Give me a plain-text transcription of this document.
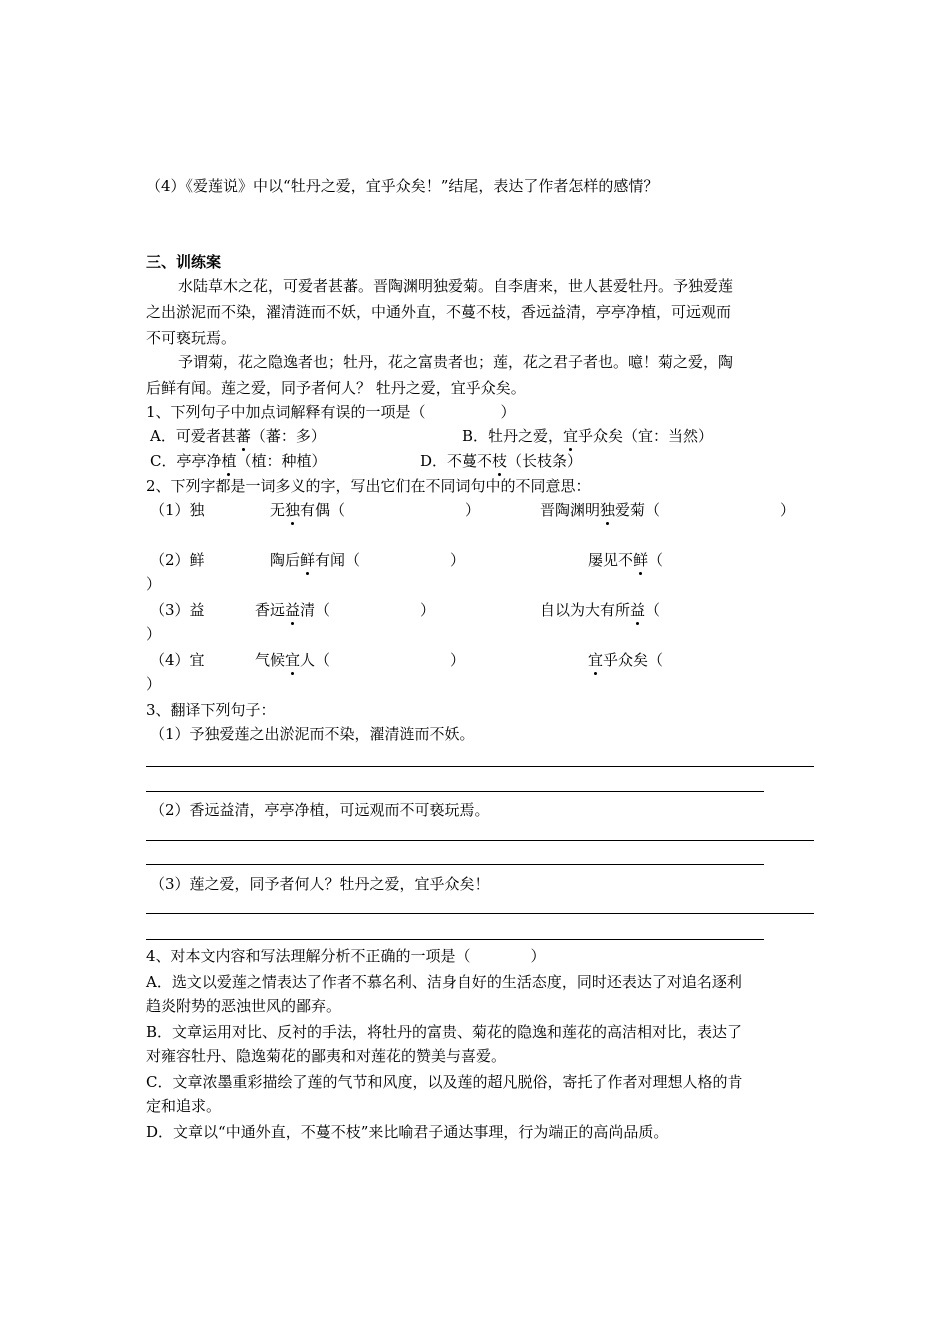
（4）《爱莲说》中以“牡丹之爱，宜乎众矣！”结尾，表达了作者怎样的感情？
三、训练案
水陆草木之花，可爱者甚蕃。晋陶渊明独爱菊。自李唐来，世人甚爱牡丹。予独爱莲
之出淤泥而不染，濯清涟而不妖，中通外直，不蔓不枝，香远益清，亭亭净植，可远观而
不可亵玩焉。
予谓菊，花之隐逸者也；牡丹，花之富贵者也；莲，花之君子者也。噫！菊之爱，陶
后鲜有闻。莲之爱，同予者何人？ 牡丹之爱，宜乎众矣。
1、下列句子中加点词解释有误的一项是（　　　　　）
A．可爱者甚蕃（蕃：多）	B．牡丹之爱，宜乎众矣（宜：当然）
C．亭亭净植（植：种植）	D．不蔓不枝（长枝条）
2、下列字都是一词多义的字，写出它们在不同词句中的不同意思：
（1）独	无独有偶（　　　　　　　　）	晋陶渊明独爱菊（　　　　　　　　）
（2）鲜	陶后鲜有闻（　　　　　　）	屡见不鲜（
）
（3）益	香远益清（　　　　　　）	自以为大有所益（
）
（4）宜	气候宜人（　　　　　　　　）	宜乎众矣（
）
3、翻译下列句子：
（1）予独爱莲之出淤泥而不染，濯清涟而不妖。
（2）香远益清，亭亭净植，可远观而不可亵玩焉。
（3）莲之爱，同予者何人？牡丹之爱，宜乎众矣！
4、对本文内容和写法理解分析不正确的一项是（　　　　）
A．选文以爱莲之情表达了作者不慕名利、洁身自好的生活态度，同时还表达了对追名逐利
趋炎附势的恶浊世风的鄙弃。
B．文章运用对比、反衬的手法，将牡丹的富贵、菊花的隐逸和莲花的高洁相对比，表达了
对雍容牡丹、隐逸菊花的鄙夷和对莲花的赞美与喜爱。
C．文章浓墨重彩描绘了莲的气节和风度，以及莲的超凡脱俗，寄托了作者对理想人格的肯
定和追求。
D．文章以“中通外直，不蔓不枝”来比喻君子通达事理，行为端正的高尚品质。
